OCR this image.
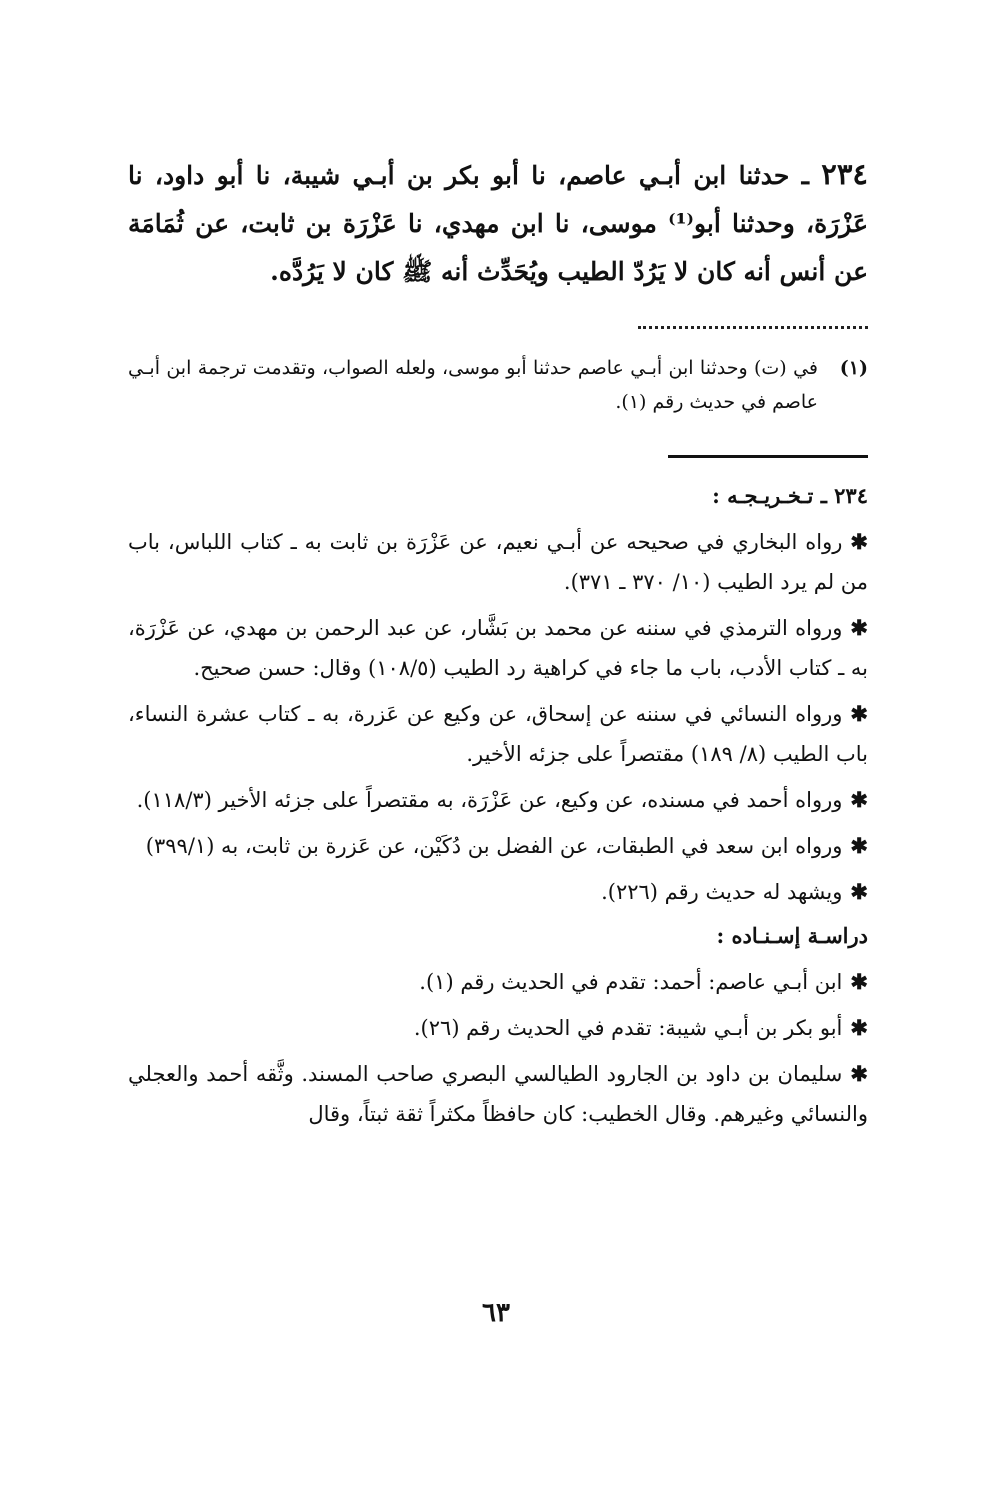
٢٣٤ ـ حدثنا ابن أبـي عاصم، نا أبو بكر بن أبـي شيبة، نا أبو داود، نا عَزْرَة، وحدثنا أبو⁽¹⁾ موسى، نا ابن مهدي، نا عَزْرَة بن ثابت، عن ثُمَامَة عن أنس أنه كان لا يَرُدّ الطيب ويُحَدِّث أنه ﷺ كان لا يَرُدَّه.

(١)
في (ت) وحدثنا ابن أبـي عاصم حدثنا أبو موسى، ولعله الصواب، وتقدمت ترجمة ابن أبـي عاصم في حديث رقم (١).

٢٣٤ ـ تـخـريـجـه :

✱رواه البخاري في صحيحه عن أبـي نعيم، عن عَزْرَة بن ثابت به ـ كتاب اللباس، باب من لم يرد الطيب (١٠/ ٣٧٠ ـ ٣٧١).

✱ورواه الترمذي في سننه عن محمد بن بَشَّار، عن عبد الرحمن بن مهدي، عن عَزْرَة، به ـ كتاب الأدب، باب ما جاء في كراهية رد الطيب (١٠٨/٥) وقال: حسن صحيح.

✱ورواه النسائي في سننه عن إسحاق، عن وكيع عن عَزرة، به ـ كتاب عشرة النساء، باب الطيب (٨/ ١٨٩) مقتصراً على جزئه الأخير.

✱ورواه أحمد في مسنده، عن وكيع، عن عَزْرَة، به مقتصراً على جزئه الأخير (١١٨/٣).

✱ورواه ابن سعد في الطبقات، عن الفضل بن دُكَيْن، عن عَزرة بن ثابت، به (٣٩٩/١)

✱ويشهد له حديث رقم (٢٢٦).

دراسـة إسـنـاده :

✱ابن أبـي عاصم: أحمد: تقدم في الحديث رقم (١).

✱أبو بكر بن أبـي شيبة: تقدم في الحديث رقم (٢٦).

✱سليمان بن داود بن الجارود الطيالسي البصري صاحب المسند. وثَّقه أحمد والعجلي والنسائي وغيرهم. وقال الخطيب: كان حافظاً مكثراً ثقة ثبتاً، وقال

٦٣
